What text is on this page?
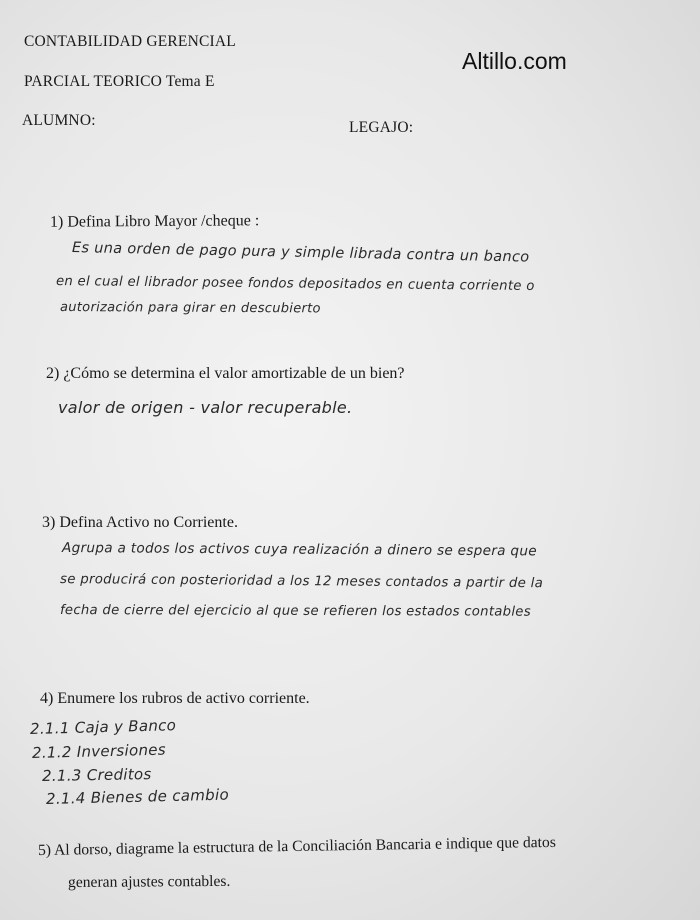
CONTABILIDAD GERENCIAL
Altillo.com
PARCIAL TEORICO Tema E
ALUMNO:	LEGAJO:
1) Defina Libro Mayor /cheque :
Es una orden de pago pura y simple librada contra un banco
en el cual el librador posee fondos depositados en cuenta corriente o
autorización para girar en descubierto
2) ¿Cómo se determina el valor amortizable de un bien?
valor de origen - valor recuperable.
3) Defina Activo no Corriente.
Agrupa a todos los activos cuya realización a dinero se espera que
se producirá con posterioridad a los 12 meses contados a partir de la
fecha de cierre del ejercicio al que se refieren los estados contables
4) Enumere los rubros de activo corriente.
2.1.1 Caja y Banco
2.1.2 Inversiones
2.1.3 Creditos
2.1.4 Bienes de cambio
5) Al dorso, diagrame la estructura de la Conciliación Bancaria e indique que datos
generan ajustes contables.
